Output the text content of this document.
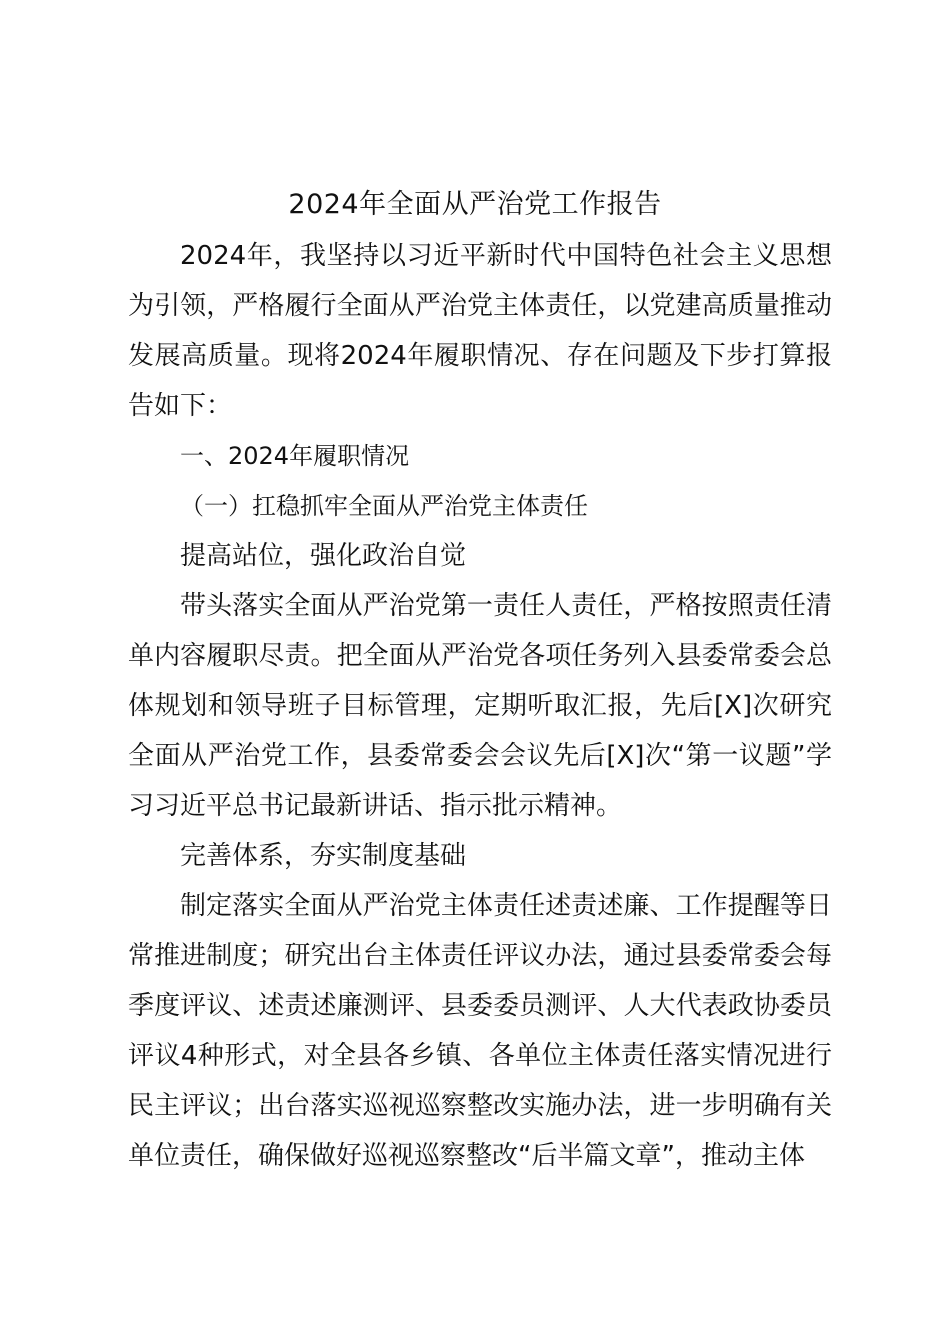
2024年全面从严治党工作报告

2024年，我坚持以习近平新时代中国特色社会主义思想为引领，严格履行全面从严治党主体责任，以党建高质量推动发展高质量。现将2024年履职情况、存在问题及下步打算报告如下：

一、2024年履职情况

（一）扛稳抓牢全面从严治党主体责任

提高站位，强化政治自觉

带头落实全面从严治党第一责任人责任，严格按照责任清单内容履职尽责。把全面从严治党各项任务列入县委常委会总体规划和领导班子目标管理，定期听取汇报，先后[X]次研究全面从严治党工作，县委常委会会议先后[X]次“第一议题”学习习近平总书记最新讲话、指示批示精神。

完善体系，夯实制度基础

制定落实全面从严治党主体责任述责述廉、工作提醒等日常推进制度；研究出台主体责任评议办法，通过县委常委会每季度评议、述责述廉测评、县委委员测评、人大代表政协委员评议4种形式，对全县各乡镇、各单位主体责任落实情况进行民主评议；出台落实巡视巡察整改实施办法，进一步明确有关单位责任，确保做好巡视巡察整改“后半篇文章”，推动主体
